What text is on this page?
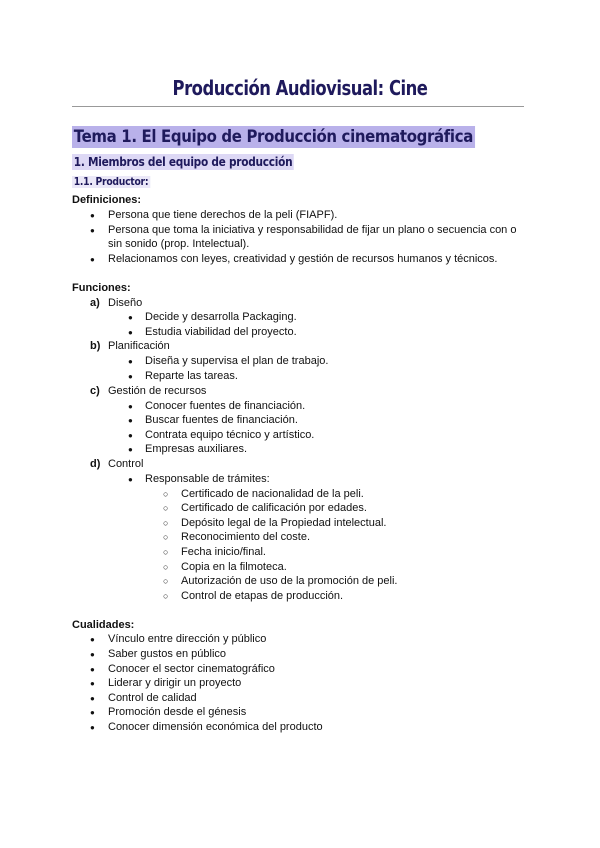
Producción Audiovisual: Cine
Tema 1. El Equipo de Producción cinematográfica
1. Miembros del equipo de producción
1.1. Productor:
Definiciones:
●
Persona que tiene derechos de la peli (FIAPF).
●
Persona que toma la iniciativa y responsabilidad de fijar un plano o secuencia con o
sin sonido (prop. Intelectual).
●
Relacionamos con leyes, creatividad y gestión de recursos humanos y técnicos.
Funciones:
a) Diseño
●
Decide y desarrolla Packaging.
●
Estudia viabilidad del proyecto.
b) Planificación
●
Diseña y supervisa el plan de trabajo.
●
Reparte las tareas.
c) Gestión de recursos
●
Conocer fuentes de financiación.
●
Buscar fuentes de financiación.
●
Contrata equipo técnico y artístico.
●
Empresas auxiliares.
d) Control
●
Responsable de trámites:
○
Certificado de nacionalidad de la peli.
○
Certificado de calificación por edades.
○
Depósito legal de la Propiedad intelectual.
○
Reconocimiento del coste.
○
Fecha inicio/final.
○
Copia en la filmoteca.
○
Autorización de uso de la promoción de peli.
○
Control de etapas de producción.
Cualidades:
●
Vínculo entre dirección y público
●
Saber gustos en público
●
Conocer el sector cinematográfico
●
Liderar y dirigir un proyecto
●
Control de calidad
●
Promoción desde el génesis
●
Conocer dimensión económica del producto
